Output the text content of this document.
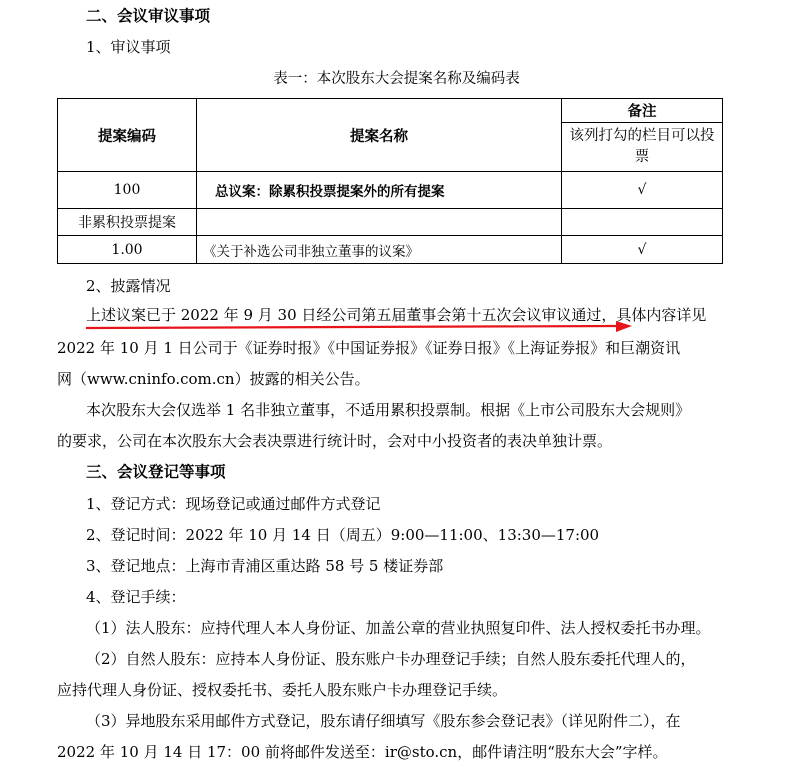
二、会议审议事项
1、审议事项
表一：本次股东大会提案名称及编码表
提案编码	提案名称	备注
		该列打勾的栏目可以投票
100	总议案：除累积投票提案外的所有提案	√
非累积投票提案		
1.00	《关于补选公司非独立董事的议案》	√
2、披露情况
上述议案已于 2022 年 9 月 30 日经公司第五届董事会第十五次会议审议通过，具体内容详见
2022 年 10 月 1 日公司于《证券时报》《中国证券报》《证券日报》《上海证券报》和巨潮资讯
网（www.cninfo.com.cn）披露的相关公告。
本次股东大会仅选举 1 名非独立董事，不适用累积投票制。根据《上市公司股东大会规则》
的要求，公司在本次股东大会表决票进行统计时，会对中小投资者的表决单独计票。
三、会议登记等事项
1、登记方式：现场登记或通过邮件方式登记
2、登记时间：2022 年 10 月 14 日（周五）9:00—11:00、13:30—17:00
3、登记地点：上海市青浦区重达路 58 号 5 楼证券部
4、登记手续：
（1）法人股东：应持代理人本人身份证、加盖公章的营业执照复印件、法人授权委托书办理。
（2）自然人股东：应持本人身份证、股东账户卡办理登记手续；自然人股东委托代理人的，
应持代理人身份证、授权委托书、委托人股东账户卡办理登记手续。
（3）异地股东采用邮件方式登记，股东请仔细填写《股东参会登记表》（详见附件二），在
2022 年 10 月 14 日 17：00 前将邮件发送至：ir@sto.cn，邮件请注明“股东大会”字样。
